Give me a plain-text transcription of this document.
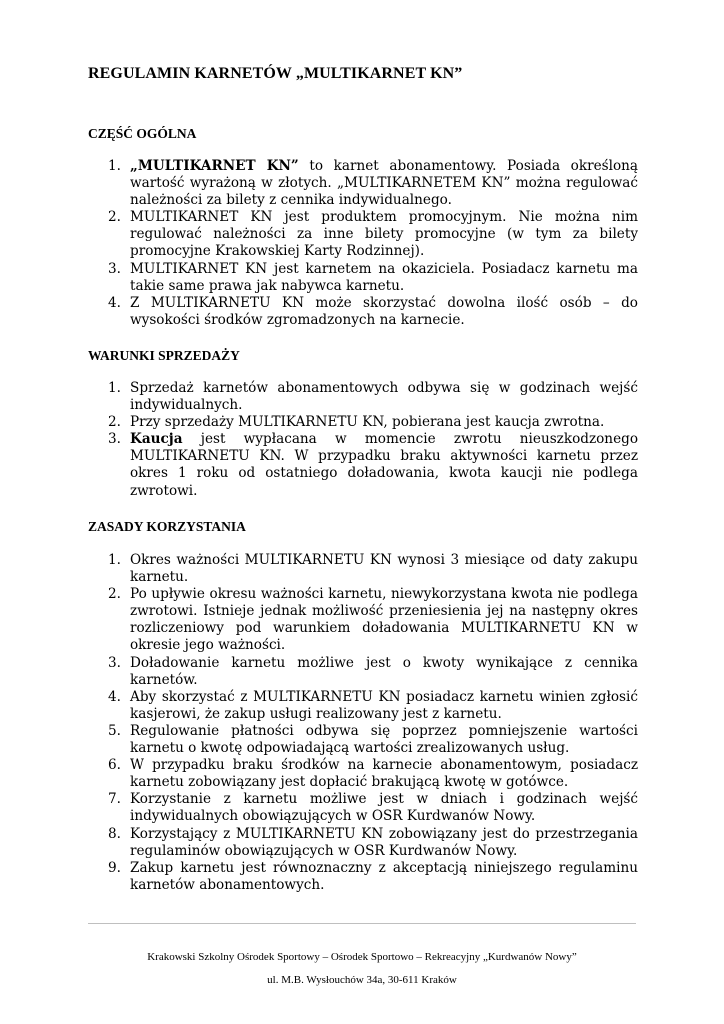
REGULAMIN KARNETÓW „MULTIKARNET KN”
CZĘŚĆ OGÓLNA
1. „MULTIKARNET KN” to karnet abonamentowy. Posiada określoną wartość wyrażoną w złotych. „MULTIKARNETEM KN” można regulować należności za bilety z cennika indywidualnego.
2. MULTIKARNET KN jest produktem promocyjnym. Nie można nim regulować należności za inne bilety promocyjne (w tym za bilety promocyjne Krakowskiej Karty Rodzinnej).
3. MULTIKARNET KN jest karnetem na okaziciela. Posiadacz karnetu ma takie same prawa jak nabywca karnetu.
4. Z MULTIKARNETU KN może skorzystać dowolna ilość osób – do wysokości środków zgromadzonych na karnecie.
WARUNKI SPRZEDAŻY
1. Sprzedaż karnetów abonamentowych odbywa się w godzinach wejść indywidualnych.
2. Przy sprzedaży MULTIKARNETU KN, pobierana jest kaucja zwrotna.
3. Kaucja jest wypłacana w momencie zwrotu nieuszkodzonego MULTIKARNETU KN. W przypadku braku aktywności karnetu przez okres 1 roku od ostatniego doładowania, kwota kaucji nie podlega zwrotowi.
ZASADY KORZYSTANIA
1. Okres ważności MULTIKARNETU KN wynosi 3 miesiące od daty zakupu karnetu.
2. Po upływie okresu ważności karnetu, niewykorzystana kwota nie podlega zwrotowi. Istnieje jednak możliwość przeniesienia jej na następny okres rozliczeniowy pod warunkiem doładowania MULTIKARNETU KN w okresie jego ważności.
3. Doładowanie karnetu możliwe jest o kwoty wynikające z cennika karnetów.
4. Aby skorzystać z MULTIKARNETU KN posiadacz karnetu winien zgłosić kasjerowi, że zakup usługi realizowany jest z karnetu.
5. Regulowanie płatności odbywa się poprzez pomniejszenie wartości karnetu o kwotę odpowiadającą wartości zrealizowanych usług.
6. W przypadku braku środków na karnecie abonamentowym, posiadacz karnetu zobowiązany jest dopłacić brakującą kwotę w gotówce.
7. Korzystanie z karnetu możliwe jest w dniach i godzinach wejść indywidualnych obowiązujących w OSR Kurdwanów Nowy.
8. Korzystający z MULTIKARNETU KN zobowiązany jest do przestrzegania regulaminów obowiązujących w OSR Kurdwanów Nowy.
9. Zakup karnetu jest równoznaczny z akceptacją niniejszego regulaminu karnetów abonamentowych.

Krakowski Szkolny Ośrodek Sportowy – Ośrodek Sportowo – Rekreacyjny „Kurdwanów Nowy”

ul. M.B. Wysłouchów 34a, 30-611 Kraków
